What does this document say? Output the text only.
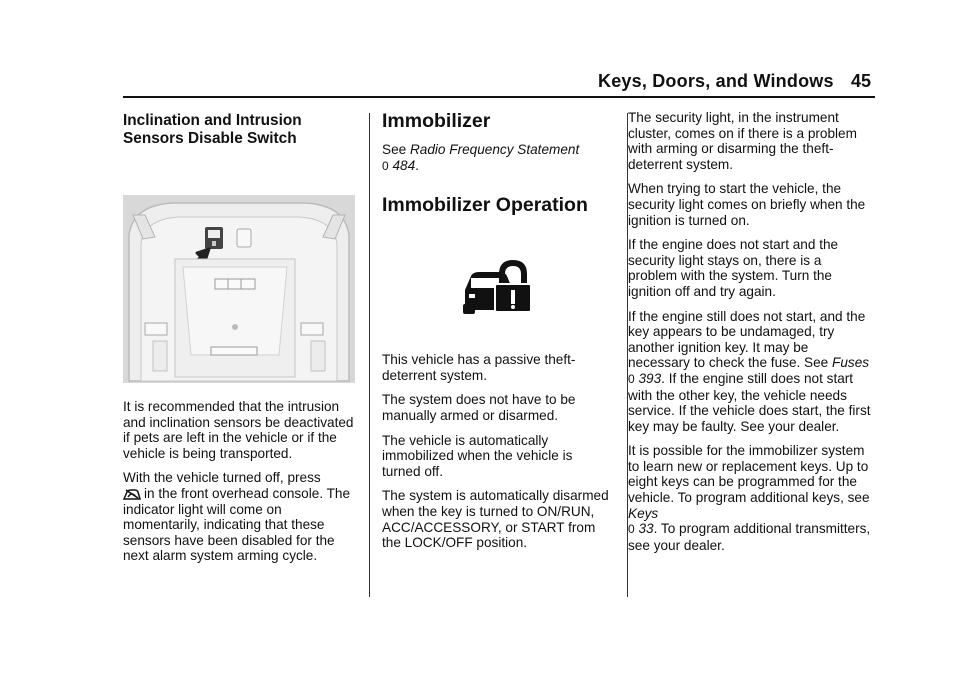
Keys, Doors, and Windows 45
Inclination and Intrusion
Sensors Disable Switch

It is recommended that the intrusion and inclination sensors be deactivated if pets are left in the vehicle or if the vehicle is being transported.

With the vehicle turned off, press
in the front overhead console. The indicator light will come on momentarily, indicating that these sensors have been disabled for the next alarm system arming cycle.

Immobilizer

See Radio Frequency Statement
0 484.

Immobilizer Operation

This vehicle has a passive theft-deterrent system.

The system does not have to be manually armed or disarmed.

The vehicle is automatically immobilized when the vehicle is turned off.

The system is automatically disarmed when the key is turned to ON/RUN, ACC/ACCESSORY, or START from the LOCK/OFF position.

The security light, in the instrument cluster, comes on if there is a problem with arming or disarming the theft-deterrent system.

When trying to start the vehicle, the security light comes on briefly when the ignition is turned on.

If the engine does not start and the security light stays on, there is a problem with the system. Turn the ignition off and try again.

If the engine still does not start, and the key appears to be undamaged, try another ignition key. It may be necessary to check the fuse. See Fuses 0 393. If the engine still does not start with the other key, the vehicle needs service. If the vehicle does start, the first key may be faulty. See your dealer.

It is possible for the immobilizer system to learn new or replacement keys. Up to eight keys can be programmed for the vehicle. To program additional keys, see Keys
0 33. To program additional transmitters, see your dealer.
